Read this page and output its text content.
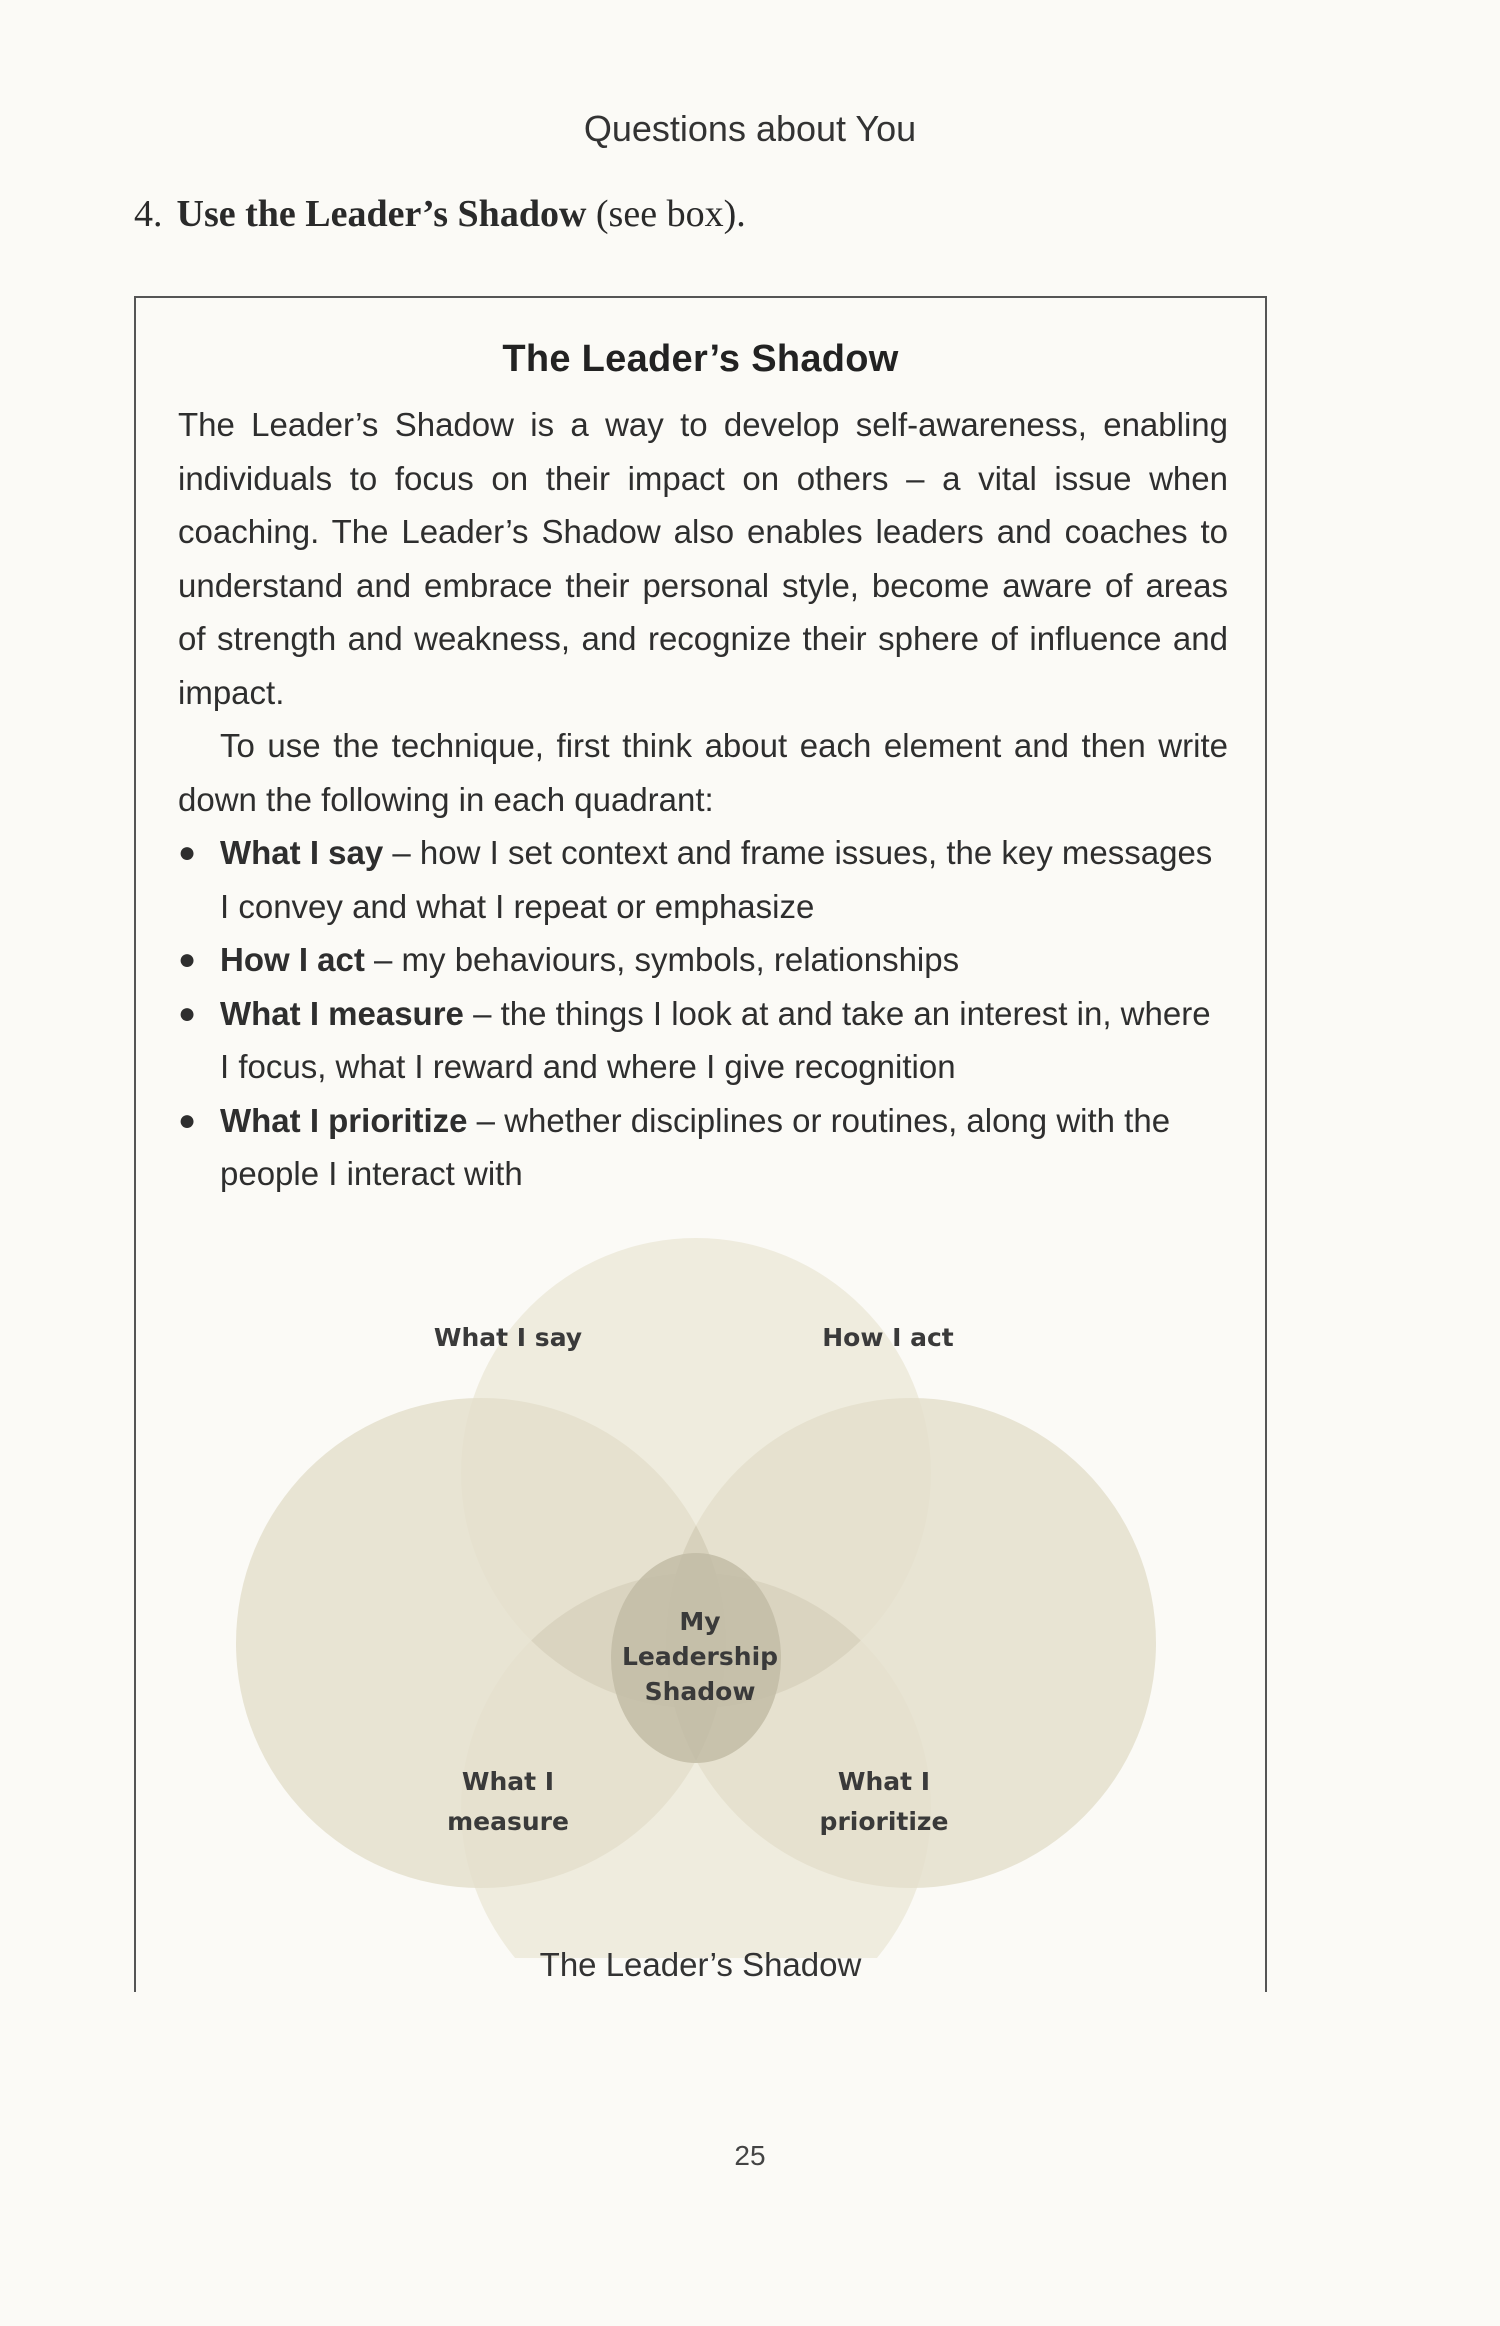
Questions about You
4. Use the Leader’s Shadow (see box).
The Leader’s Shadow

The Leader’s Shadow is a way to develop self-awareness, enabling individuals to focus on their impact on others – a vital issue when coaching. The Leader’s Shadow also enables leaders and coaches to understand and embrace their personal style, become aware of areas of strength and weakness, and recognize their sphere of influence and impact.

To use the technique, first think about each element and then write down the following in each quadrant:

● What I say – how I set context and frame issues, the key messages I convey and what I repeat or emphasize
● How I act – my behaviours, symbols, relationships
● What I measure – the things I look at and take an interest in, where I focus, what I reward and where I give recognition
● What I prioritize – whether disciplines or routines, along with the people I interact with
What I say	How I act
My
Leadership
Shadow
What I
measure
What I
prioritize
The Leader’s Shadow
25
